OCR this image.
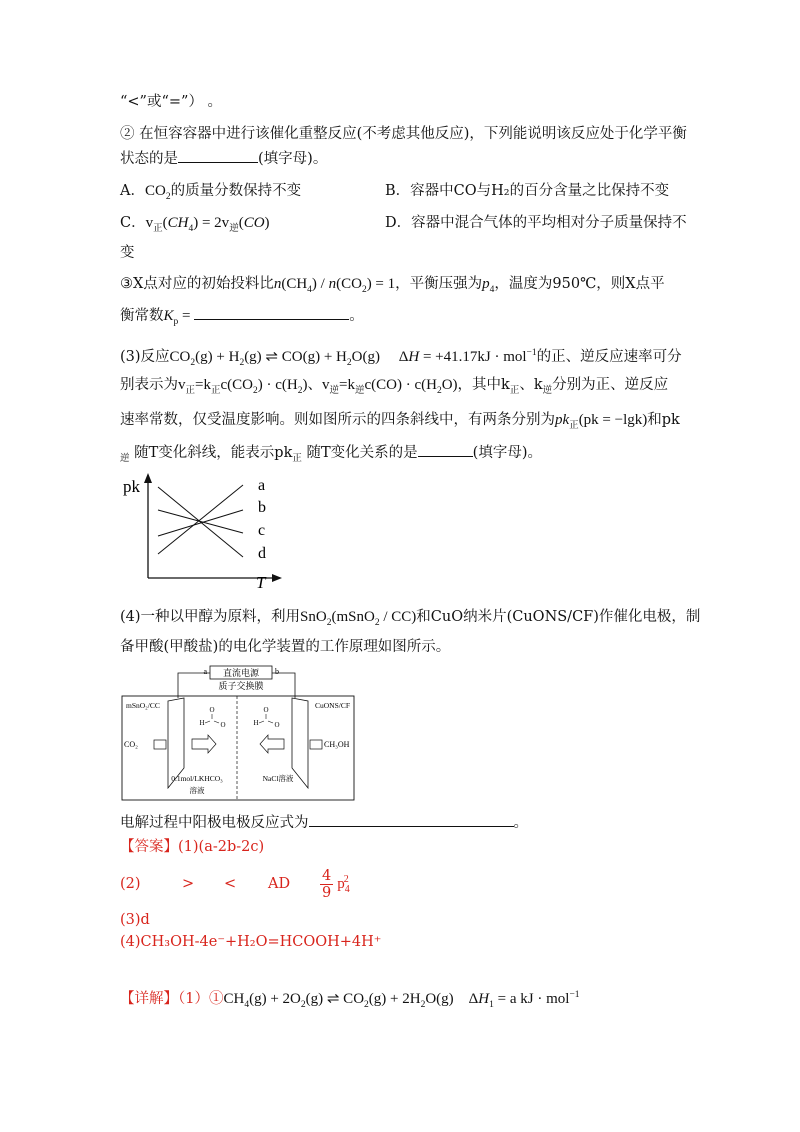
“<”或“=”） 。
② 在恒容容器中进行该催化重整反应(不考虑其他反应)，下列能说明该反应处于化学平衡
状态的是	(填字母)。
A．$CO_2$的质量分数保持不变	B．容器中CO与H₂的百分含量之比保持不变
C．$v_正(CH_4) = 2v_逆(CO)$	D．容器中混合气体的平均相对分子质量保持不
变
③X点对应的初始投料比$n(CH_4) / n(CO_2) = 1$，平衡压强为$p_4$，温度为950℃，则X点平
衡常数$K_p$ =	。
(3)反应$CO_2(g) + H_2(g)$ ⇌ $CO(g) + H_2O(g)$     ΔH = +41.17kJ · mol$^{-1}$的正、逆反应速率可分
别表示为$v_正=k_正c(CO_2) \cdot c(H_2)$、$v_逆=k_逆c(CO) \cdot c(H_2O)$，其中$k_正$、$k_逆$分别为正、逆反应
速率常数，仅受温度影响。则如图所示的四条斜线中，有两条分别为$pk_正(pk = -\lg k)$和pk
$_逆$ 随T变化斜线，能表示$pk_正$ 随T变化关系的是	(填字母)。
pk
T
a
b
c
d
(4)一种以甲醇为原料，利用SnO$_2$(mSnO$_2$ / CC)和CuO纳米片(CuONS/CF)作催化电极，制
备甲酸(甲酸盐)的电化学装置的工作原理如图所示。
直流电源
a	b
质子交换膜
mSnO₂/CC	CuONS/CF
CO₂	CH₃OH
O
H O
O
H O
0.1mol/LKHCO₃
溶液
NaCl溶液
电解过程中阳极电极反应式为	。
【答案】(1)(a-2b-2c)
(2)	> < AD $\frac{4}{9} p_4^2$
(3)d
(4)CH₃OH-4e⁻+H₂O=HCOOH+4H⁺
【详解】$(1)①CH_4(g) + 2O_2(g)$ ⇌ $CO_2(g) + 2H_2O(g)$    $\Delta H_1 = a$ kJ · mol$^{-1}$
